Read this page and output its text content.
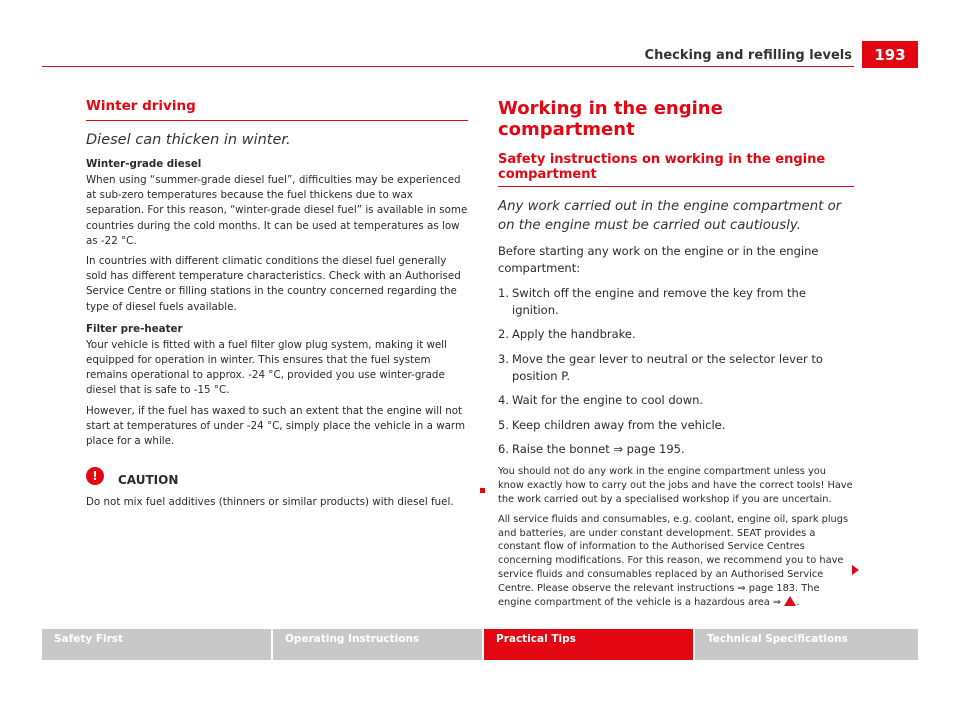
Checking and refilling levels	193
Winter driving
Diesel can thicken in winter.
Winter-grade diesel

When using “summer-grade diesel fuel”, difficulties may be experienced at sub-zero temperatures because the fuel thickens due to wax separation. For this reason, “winter-grade diesel fuel” is available in some countries during the cold months. It can be used at temperatures as low as -22 °C.

In countries with different climatic conditions the diesel fuel generally sold has different temperature characteristics. Check with an Authorised Service Centre or filling stations in the country concerned regarding the type of diesel fuels available.

Filter pre-heater

Your vehicle is fitted with a fuel filter glow plug system, making it well equipped for operation in winter. This ensures that the fuel system remains operational to approx. -24 °C, provided you use winter-grade diesel that is safe to -15 °C.

However, if the fuel has waxed to such an extent that the engine will not start at temperatures of under -24 °C, simply place the vehicle in a warm place for a while.

!	CAUTION

Do not mix fuel additives (thinners or similar products) with diesel fuel.

Working in the engine compartment
Safety instructions on working in the engine compartment
Any work carried out in the engine compartment or on the engine must be carried out cautiously.

Before starting any work on the engine or in the engine compartment:

1. Switch off the engine and remove the key from the ignition.
2. Apply the handbrake.
3. Move the gear lever to neutral or the selector lever to position P.
4. Wait for the engine to cool down.
5. Keep children away from the vehicle.
6. Raise the bonnet ⇒ page 195.

You should not do any work in the engine compartment unless you know exactly how to carry out the jobs and have the correct tools! Have the work carried out by a specialised workshop if you are uncertain.

All service fluids and consumables, e.g. coolant, engine oil, spark plugs and batteries, are under constant development. SEAT provides a constant flow of information to the Authorised Service Centres concerning modifications. For this reason, we recommend you to have service fluids and consumables replaced by an Authorised Service Centre. Please observe the relevant instructions ⇒ page 183. The engine compartment of the vehicle is a hazardous area ⇒ .

Safety First	Operating Instructions	Practical Tips	Technical Specifications
